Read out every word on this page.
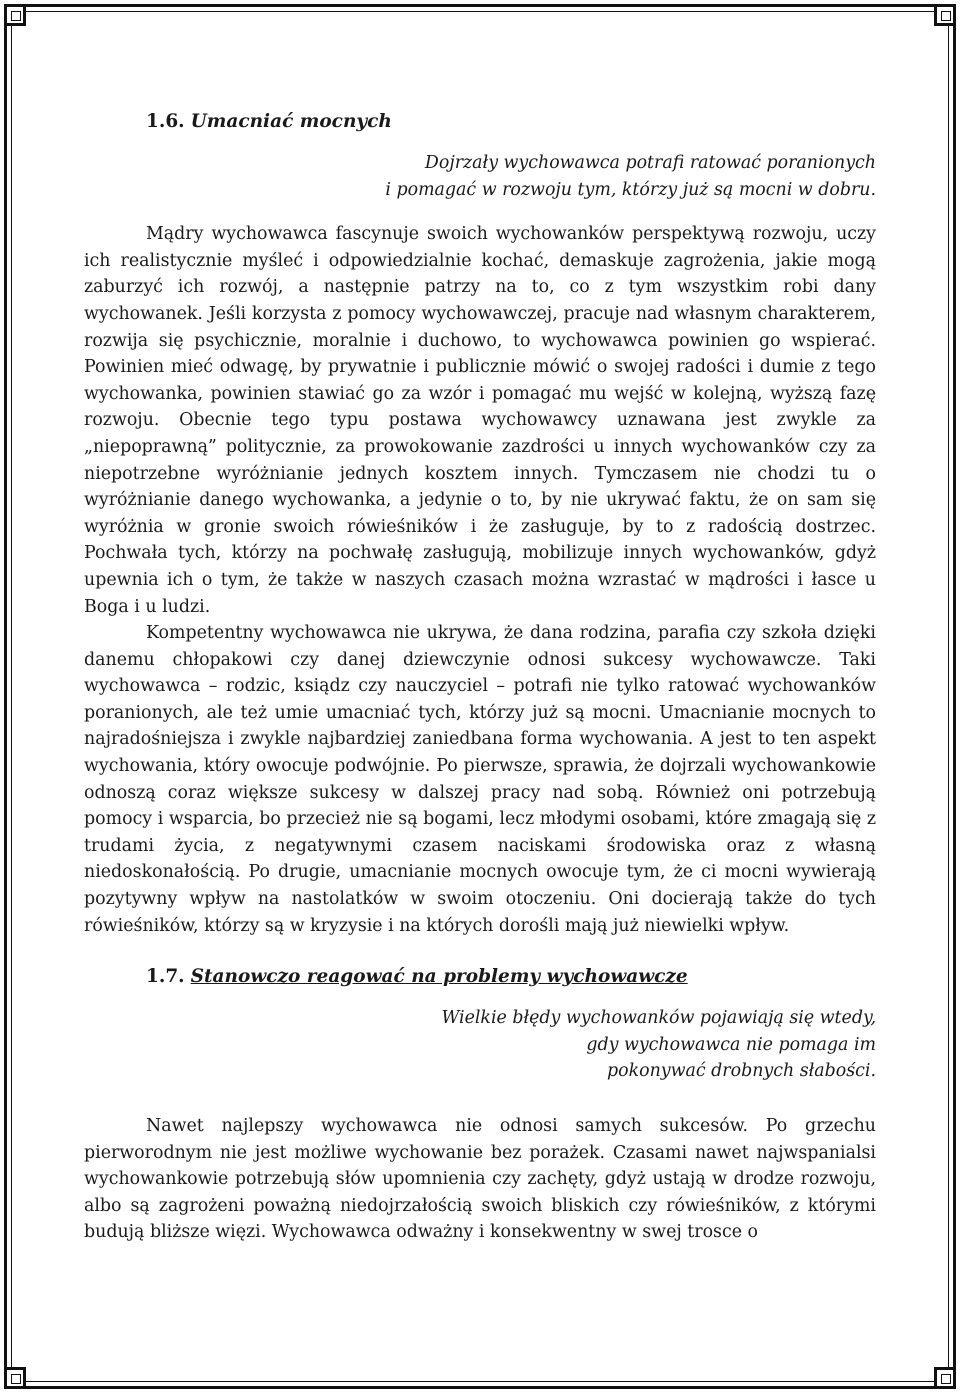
1.6. Umacniać mocnych
Dojrzały wychowawca potrafi ratować poranionych
i pomagać w rozwoju tym, którzy już są mocni w dobru.

Mądry wychowawca fascynuje swoich wychowanków perspektywą rozwoju, uczy ich realistycznie myśleć i odpowiedzialnie kochać, demaskuje zagrożenia, jakie mogą zaburzyć ich rozwój, a następnie patrzy na to, co z tym wszystkim robi dany wychowanek. Jeśli korzysta z pomocy wychowawczej, pracuje nad własnym charakterem, rozwija się psychicznie, moralnie i duchowo, to wychowawca powinien go wspierać. Powinien mieć odwagę, by prywatnie i publicznie mówić o swojej radości i dumie z tego wychowanka, powinien stawiać go za wzór i pomagać mu wejść w kolejną, wyższą fazę rozwoju. Obecnie tego typu postawa wychowawcy uznawana jest zwykle za „niepoprawną” politycznie, za prowokowanie zazdrości u innych wychowanków czy za niepotrzebne wyróżnianie jednych kosztem innych. Tymczasem nie chodzi tu o wyróżnianie danego wychowanka, a jedynie o to, by nie ukrywać faktu, że on sam się wyróżnia w gronie swoich rówieśników i że zasługuje, by to z radością dostrzec. Pochwała tych, którzy na pochwałę zasługują, mobilizuje innych wychowanków, gdyż upewnia ich o tym, że także w naszych czasach można wzrastać w mądrości i łasce u Boga i u ludzi.

Kompetentny wychowawca nie ukrywa, że dana rodzina, parafia czy szkoła dzięki danemu chłopakowi czy danej dziewczynie odnosi sukcesy wychowawcze. Taki wychowawca – rodzic, ksiądz czy nauczyciel – potrafi nie tylko ratować wychowanków poranionych, ale też umie umacniać tych, którzy już są mocni. Umacnianie mocnych to najradośniejsza i zwykle najbardziej zaniedbana forma wychowania. A jest to ten aspekt wychowania, który owocuje podwójnie. Po pierwsze, sprawia, że dojrzali wychowankowie odnoszą coraz większe sukcesy w dalszej pracy nad sobą. Również oni potrzebują pomocy i wsparcia, bo przecież nie są bogami, lecz młodymi osobami, które zmagają się z trudami życia, z negatywnymi czasem naciskami środowiska oraz z własną niedoskonałością. Po drugie, umacnianie mocnych owocuje tym, że ci mocni wywierają pozytywny wpływ na nastolatków w swoim otoczeniu. Oni docierają także do tych rówieśników, którzy są w kryzysie i na których dorośli mają już niewielki wpływ.

1.7. Stanowczo reagować na problemy wychowawcze
Wielkie błędy wychowanków pojawiają się wtedy,
gdy wychowawca nie pomaga im
pokonywać drobnych słabości.

Nawet najlepszy wychowawca nie odnosi samych sukcesów. Po grzechu pierworodnym nie jest możliwe wychowanie bez porażek. Czasami nawet najwspanialsi wychowankowie potrzebują słów upomnienia czy zachęty, gdyż ustają w drodze rozwoju, albo są zagrożeni poważną niedojrzałością swoich bliskich czy rówieśników, z którymi budują bliższe więzi. Wychowawca odważny i konsekwentny w swej trosce o
